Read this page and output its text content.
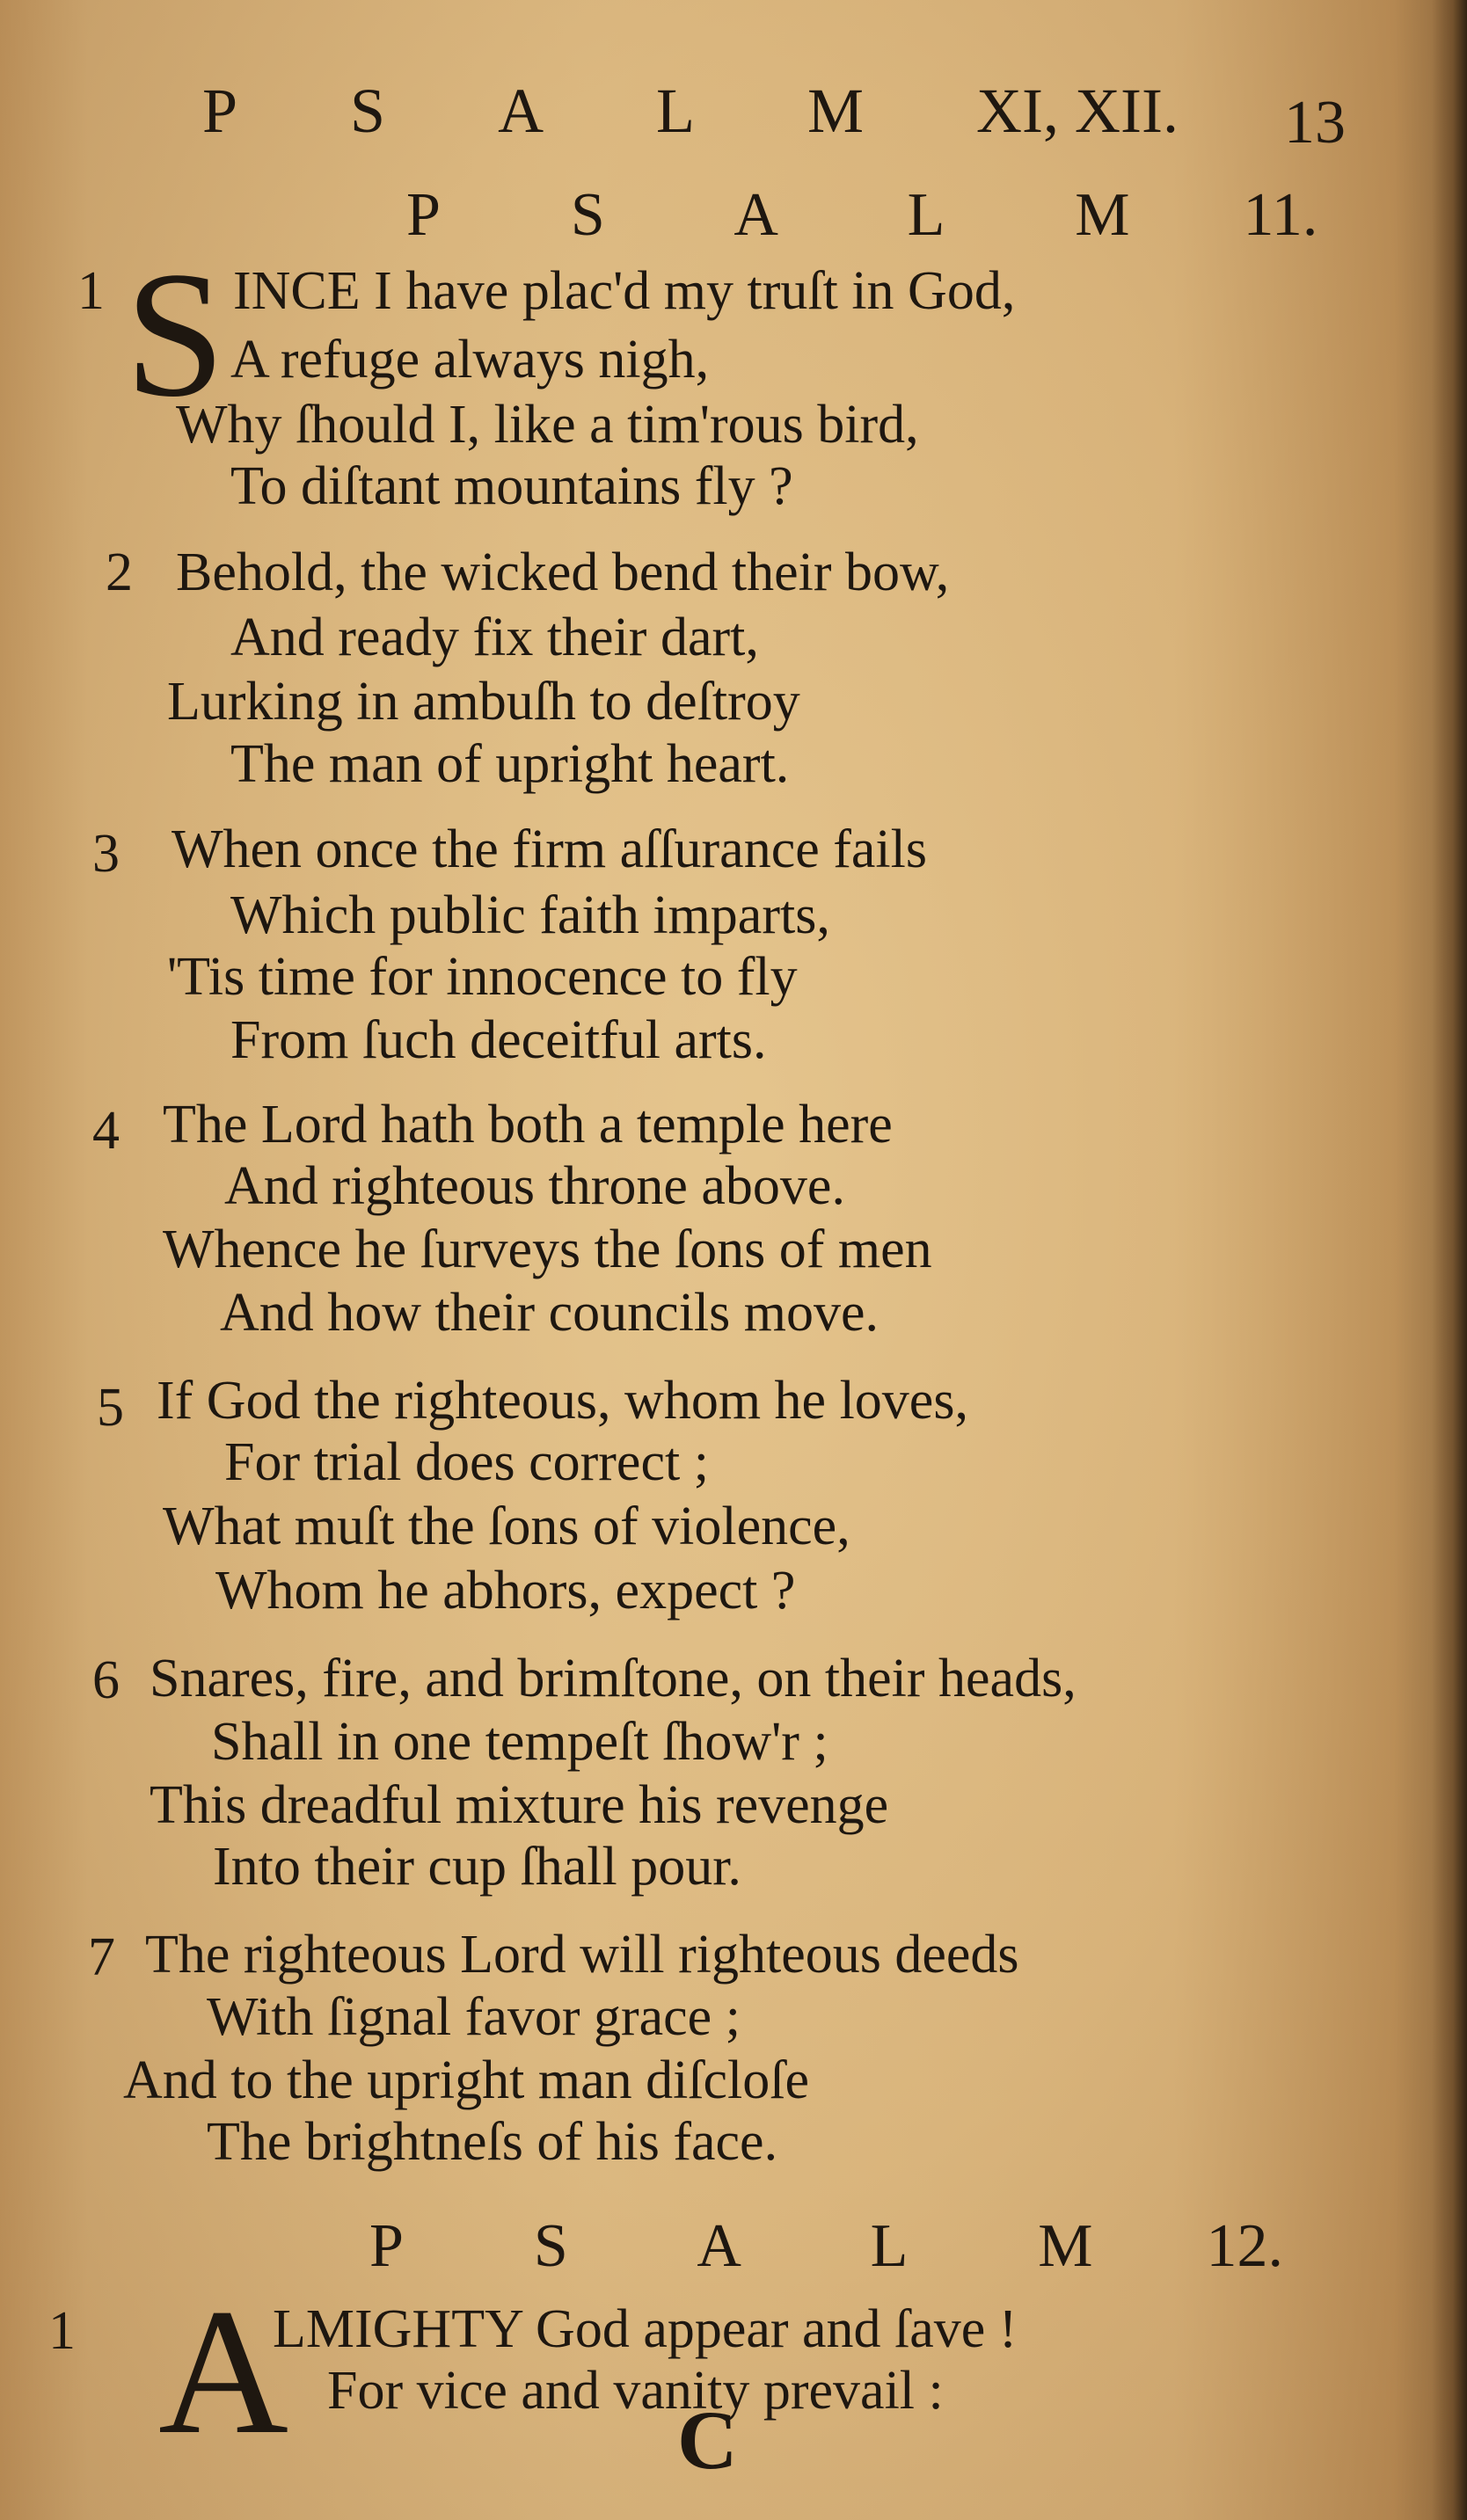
P S A L M XI, XII. 13
P S A L M 11.
1 S INCE I have plac'd my truſt in God,
A refuge always nigh,
Why ſhould I, like a tim'rous bird,
To diſtant mountains fly ?
2 Behold, the wicked bend their bow,
And ready fix their dart,
Lurking in ambuſh to deſtroy
The man of upright heart.
3 When once the firm aſſurance fails
Which public faith imparts,
'Tis time for innocence to fly
From ſuch deceitful arts.
4 The Lord hath both a temple here
And righteous throne above.
Whence he ſurveys the ſons of men
And how their councils move.
5 If God the righteous, whom he loves,
For trial does correct ;
What muſt the ſons of violence,
Whom he abhors, expect ?
6 Snares, fire, and brimſtone, on their heads,
Shall in one tempeſt ſhow'r ;
This dreadful mixture his revenge
Into their cup ſhall pour.
7 The righteous Lord will righteous deeds
With ſignal favor grace ;
And to the upright man diſcloſe
The brightneſs of his face.
P S A L M 12.
1 A
LMIGHTY God appear and ſave !
For vice and vanity prevail :
C
